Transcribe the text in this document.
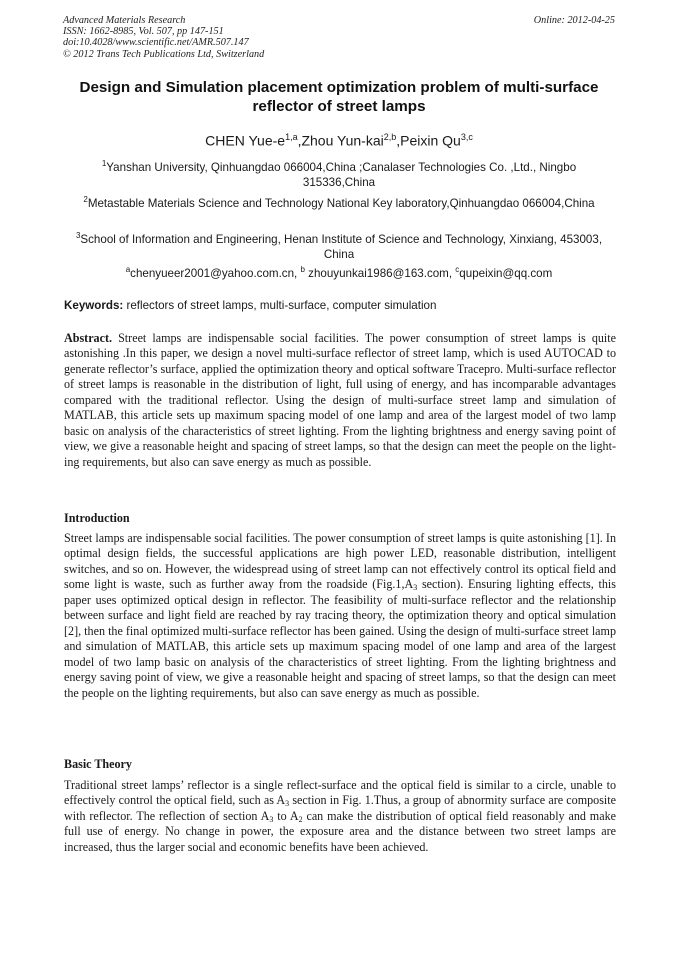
Advanced Materials Research
ISSN: 1662-8985, Vol. 507, pp 147-151
doi:10.4028/www.scientific.net/AMR.507.147
© 2012 Trans Tech Publications Ltd, Switzerland
Online: 2012-04-25
Design and Simulation placement optimization problem of multi-surface reflector of street lamps
CHEN Yue-$e^{1,a},Zhou$ Yun-kai$^{2,b}$,Peixin Qu$^{3,c}$
$^1$Yanshan University, Qinhuangdao 066004,China ;Canalaser Technologies Co. ,Ltd., Ningbo 315336,China
$^2$Metastable Materials Science and Technology National Key laboratory,Qinhuangdao 066004,China
$^3$School of Information and Engineering, Henan Institute of Science and Technology, Xinxiang, 453003, China
$^a$chenyueer2001@yahoo.com.cn, $^b$ zhouyunkai1986@163.com, $^c$qupeixin@qq.com
Keywords: reflectors of street lamps, multi-surface, computer simulation
Abstract. Street lamps are indispensable social facilities. The power consumption of street lamps is quite astonishing .In this paper, we design a novel multi-surface reflector of street lamp, which is used AUTOCAD to generate reflector’s surface, applied the optimization theory and optical software Tracepro. Multi-surface reflector of street lamps is reasonable in the distribution of light, full using of energy, and has incomparable advantages compared with the traditional reflector. Using the design of multi-surface street lamp and simulation of MATLAB, this article sets up maximum spacing model of one lamp and area of the largest model of two lamp basic on analysis of the characteristics of street lighting. From the lighting brightness and energy saving point of view, we give a reasonable height and spacing of street lamps, so that the design can meet the people on the lighting requirements, but also can save energy as much as possible.
Introduction
Street lamps are indispensable social facilities. The power consumption of street lamps is quite astonishing [1]. In optimal design fields, the successful applications are high power LED, reasonable distribution, intelligent switches, and so on. However, the widespread using of street lamp can not effectively control its optical field and some light is waste, such as further away from the roadside ($Fig.1,A_3$ section). Ensuring lighting effects, this paper uses optimized optical design in reflector. The feasibility of multi-surface reflector and the relationship between surface and light field are reached by ray tracing theory, the optimization theory and optical simulation [2], then the final optimized multi-surface reflector has been gained. Using the design of multi-surface street lamp and simulation of MATLAB, this article sets up maximum spacing model of one lamp and area of the largest model of two lamp basic on analysis of the characteristics of street lighting. From the lighting brightness and energy saving point of view, we give a reasonable height and spacing of street lamps, so that the design can meet the people on the lighting requirements, but also can save energy as much as possible.
Basic Theory
Traditional street lamps’ reflector is a single reflect-surface and the optical field is similar to a circle, unable to effectively control the optical field, such as $A_3$ section in Fig. 1.Thus, a group of abnormity surface are composite with reflector. The reflection of section $A_3$ to $A_2$ can make the distribution of optical field reasonably and make full use of energy. No change in power, the exposure area and the distance between two street lamps are increased, thus the larger social and economic benefits have been achieved.
